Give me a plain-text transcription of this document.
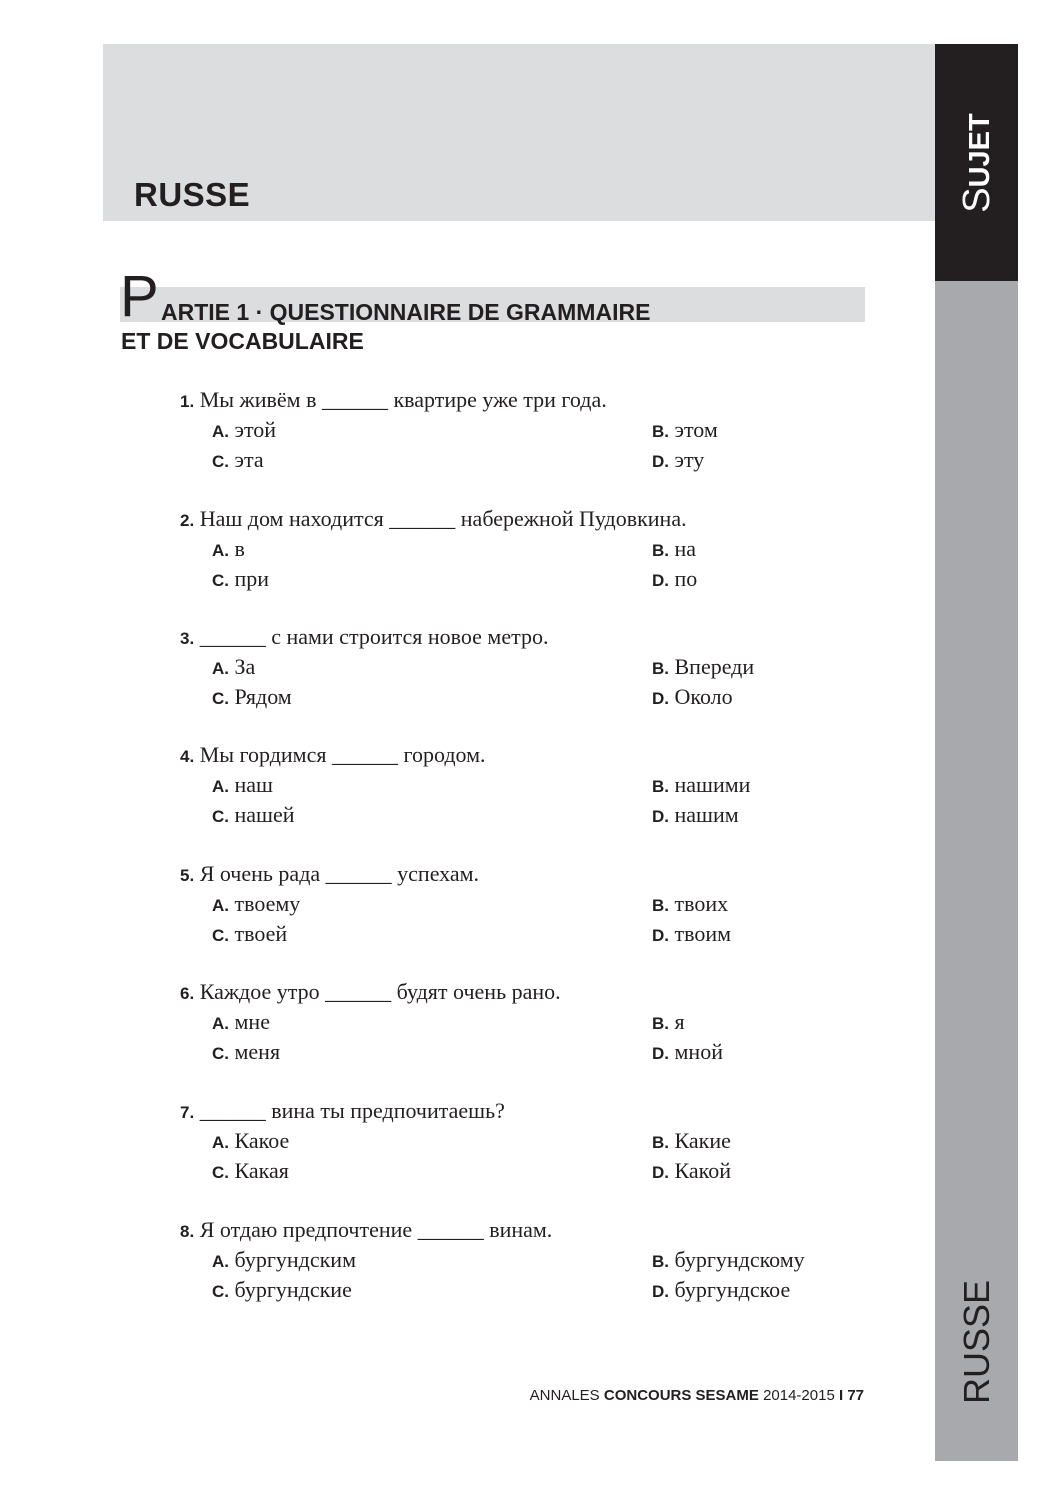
RUSSE	SUJET
RUSSE
P ARTIE 1 · QUESTIONNAIRE DE GRAMMAIRE
ET DE VOCABULAIRE
1. Мы живём в ______ квартире уже три года.
A. этой	B. этом
C. эта	D. эту
2. Наш дом находится ______ набережной Пудовкина.
A. в	B. на
C. при	D. по
3. ______ с нами строится новое метро.
A. За	B. Впереди
C. Рядом	D. Около
4. Мы гордимся ______ городом.
A. наш	B. нашими
C. нашей	D. нашим
5. Я очень рада ______ успехам.
A. твоему	B. твоих
C. твоей	D. твоим
6. Каждое утро ______ будят очень рано.
A. мне	B. я
C. меня	D. мной
7. ______ вина ты предпочитаешь?
A. Какое	B. Какие
C. Какая	D. Какой
8. Я отдаю предпочтение ______ винам.
A. бургундским	B. бургундскому
C. бургундские	D. бургундское
ANNALES CONCOURS SESAME 2014-2015 I 77
